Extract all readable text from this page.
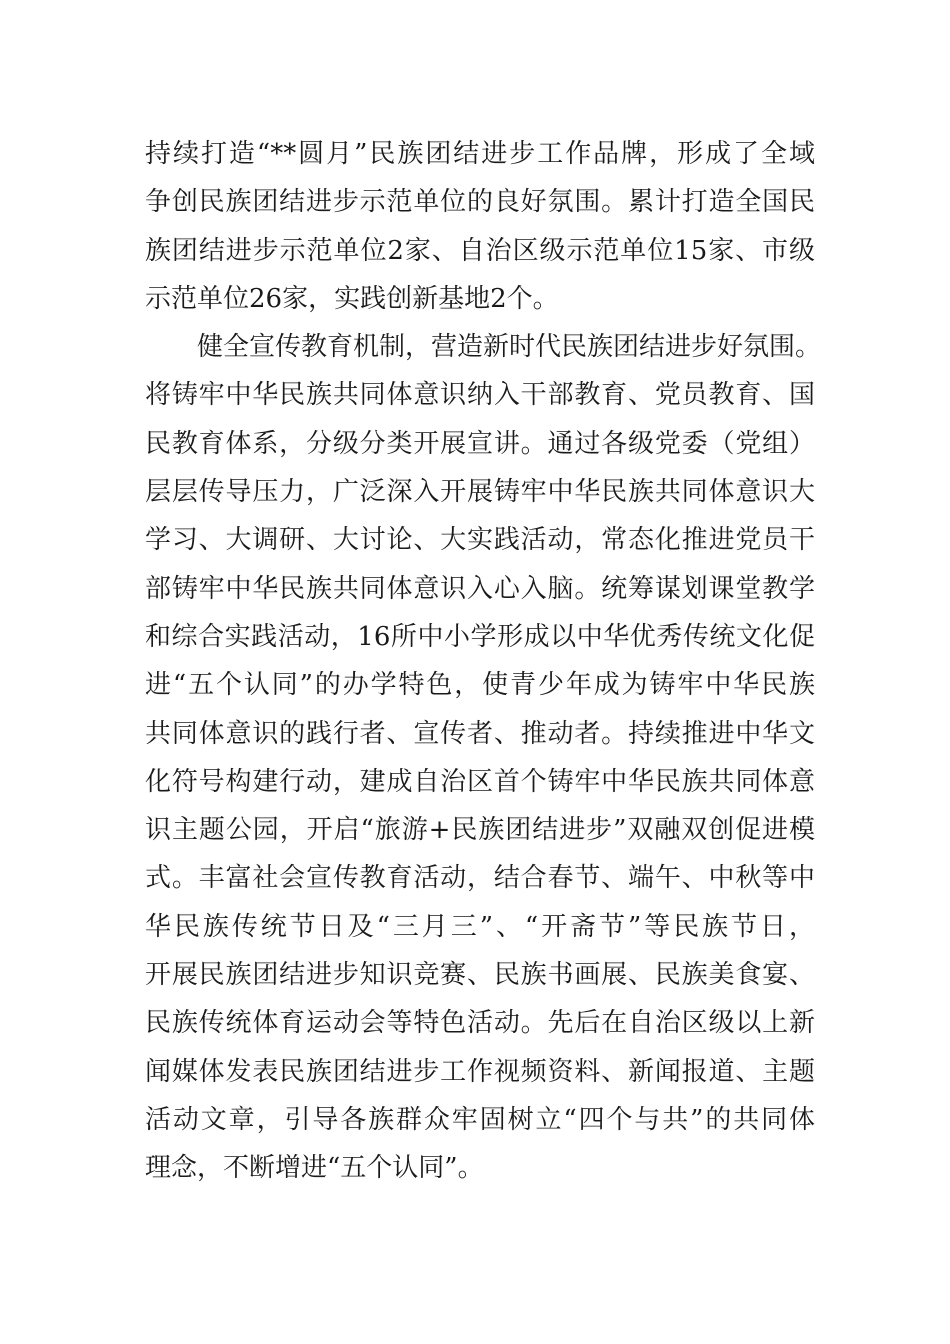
持续打造“**圆月”民族团结进步工作品牌，形成了全域
争创民族团结进步示范单位的良好氛围。累计打造全国民
族团结进步示范单位2家、自治区级示范单位15家、市级
示范单位26家，实践创新基地2个。
健全宣传教育机制，营造新时代民族团结进步好氛围。
将铸牢中华民族共同体意识纳入干部教育、党员教育、国
民教育体系，分级分类开展宣讲。通过各级党委（党组）
层层传导压力，广泛深入开展铸牢中华民族共同体意识大
学习、大调研、大讨论、大实践活动，常态化推进党员干
部铸牢中华民族共同体意识入心入脑。统筹谋划课堂教学
和综合实践活动，16所中小学形成以中华优秀传统文化促
进“五个认同”的办学特色，使青少年成为铸牢中华民族
共同体意识的践行者、宣传者、推动者。持续推进中华文
化符号构建行动，建成自治区首个铸牢中华民族共同体意
识主题公园，开启“旅游+民族团结进步”双融双创促进模
式。丰富社会宣传教育活动，结合春节、端午、中秋等中
华民族传统节日及“三月三”、“开斋节”等民族节日，
开展民族团结进步知识竞赛、民族书画展、民族美食宴、
民族传统体育运动会等特色活动。先后在自治区级以上新
闻媒体发表民族团结进步工作视频资料、新闻报道、主题
活动文章，引导各族群众牢固树立“四个与共”的共同体
理念，不断增进“五个认同”。
